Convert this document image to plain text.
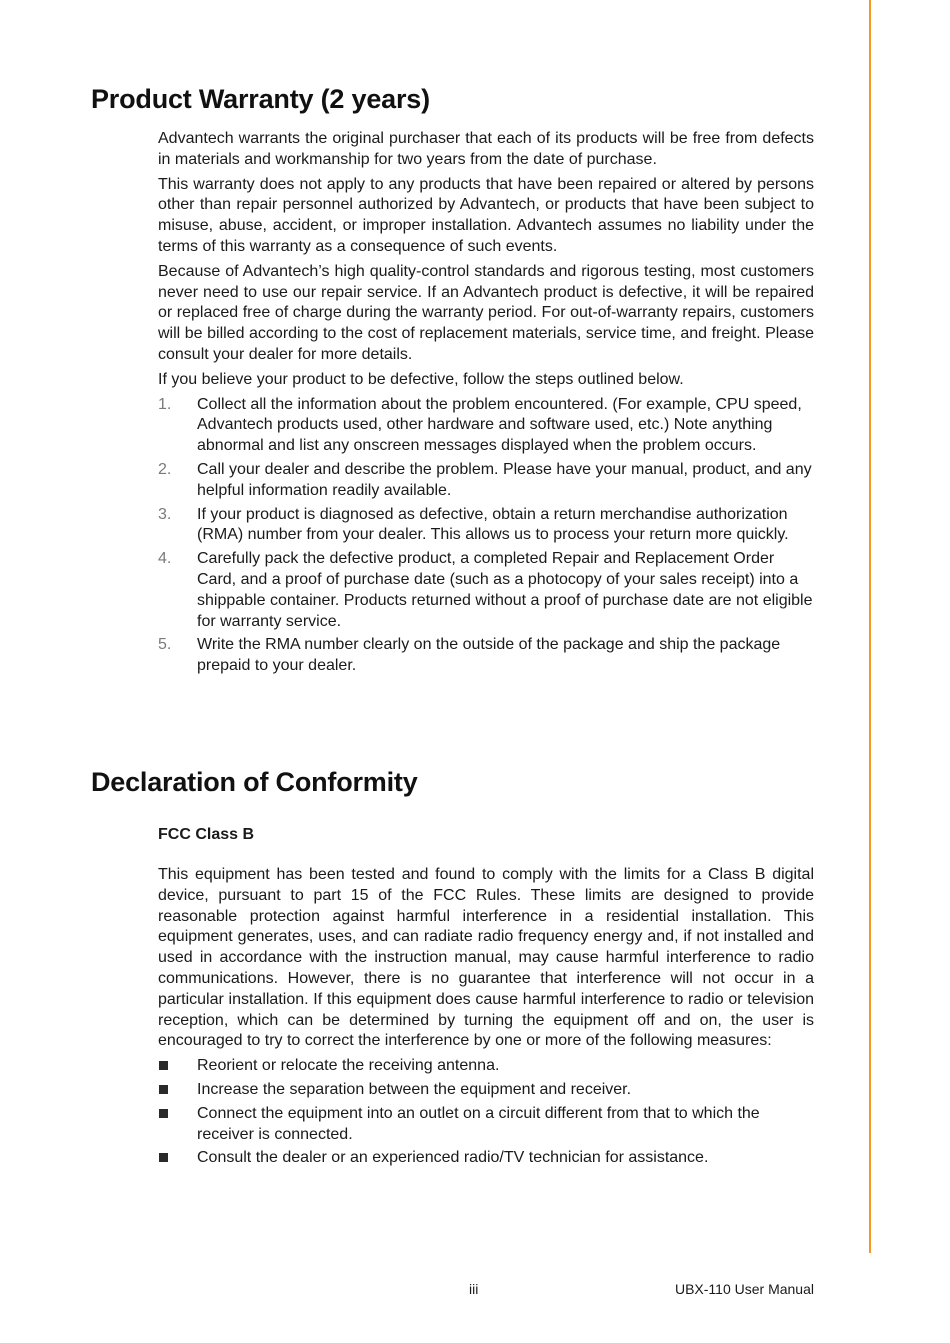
Product Warranty (2 years)

Advantech warrants the original purchaser that each of its products will be free from defects in materials and workmanship for two years from the date of purchase.

This warranty does not apply to any products that have been repaired or altered by persons other than repair personnel authorized by Advantech, or products that have been subject to misuse, abuse, accident, or improper installation. Advantech assumes no liability under the terms of this warranty as a consequence of such events.

Because of Advantech’s high quality-control standards and rigorous testing, most customers never need to use our repair service. If an Advantech product is defective, it will be repaired or replaced free of charge during the warranty period. For out-of-warranty repairs, customers will be billed according to the cost of replacement materials, service time, and freight. Please consult your dealer for more details.

If you believe your product to be defective, follow the steps outlined below.

1. Collect all the information about the problem encountered. (For example, CPU speed, Advantech products used, other hardware and software used, etc.) Note anything abnormal and list any onscreen messages displayed when the problem occurs.
2. Call your dealer and describe the problem. Please have your manual, product, and any helpful information readily available.
3. If your product is diagnosed as defective, obtain a return merchandise authorization (RMA) number from your dealer. This allows us to process your return more quickly.
4. Carefully pack the defective product, a completed Repair and Replacement Order Card, and a proof of purchase date (such as a photocopy of your sales receipt) into a shippable container. Products returned without a proof of purchase date are not eligible for warranty service.
5. Write the RMA number clearly on the outside of the package and ship the package prepaid to your dealer.
Declaration of Conformity
FCC Class B

This equipment has been tested and found to comply with the limits for a Class B digital device, pursuant to part 15 of the FCC Rules. These limits are designed to provide reasonable protection against harmful interference in a residential installation. This equipment generates, uses, and can radiate radio frequency energy and, if not installed and used in accordance with the instruction manual, may cause harmful interference to radio communications. However, there is no guarantee that interference will not occur in a particular installation. If this equipment does cause harmful interference to radio or television reception, which can be determined by turning the equipment off and on, the user is encouraged to try to correct the interference by one or more of the following measures:

Reorient or relocate the receiving antenna.
Increase the separation between the equipment and receiver.
Connect the equipment into an outlet on a circuit different from that to which the receiver is connected.
Consult the dealer or an experienced radio/TV technician for assistance.
iii	UBX-110 User Manual
